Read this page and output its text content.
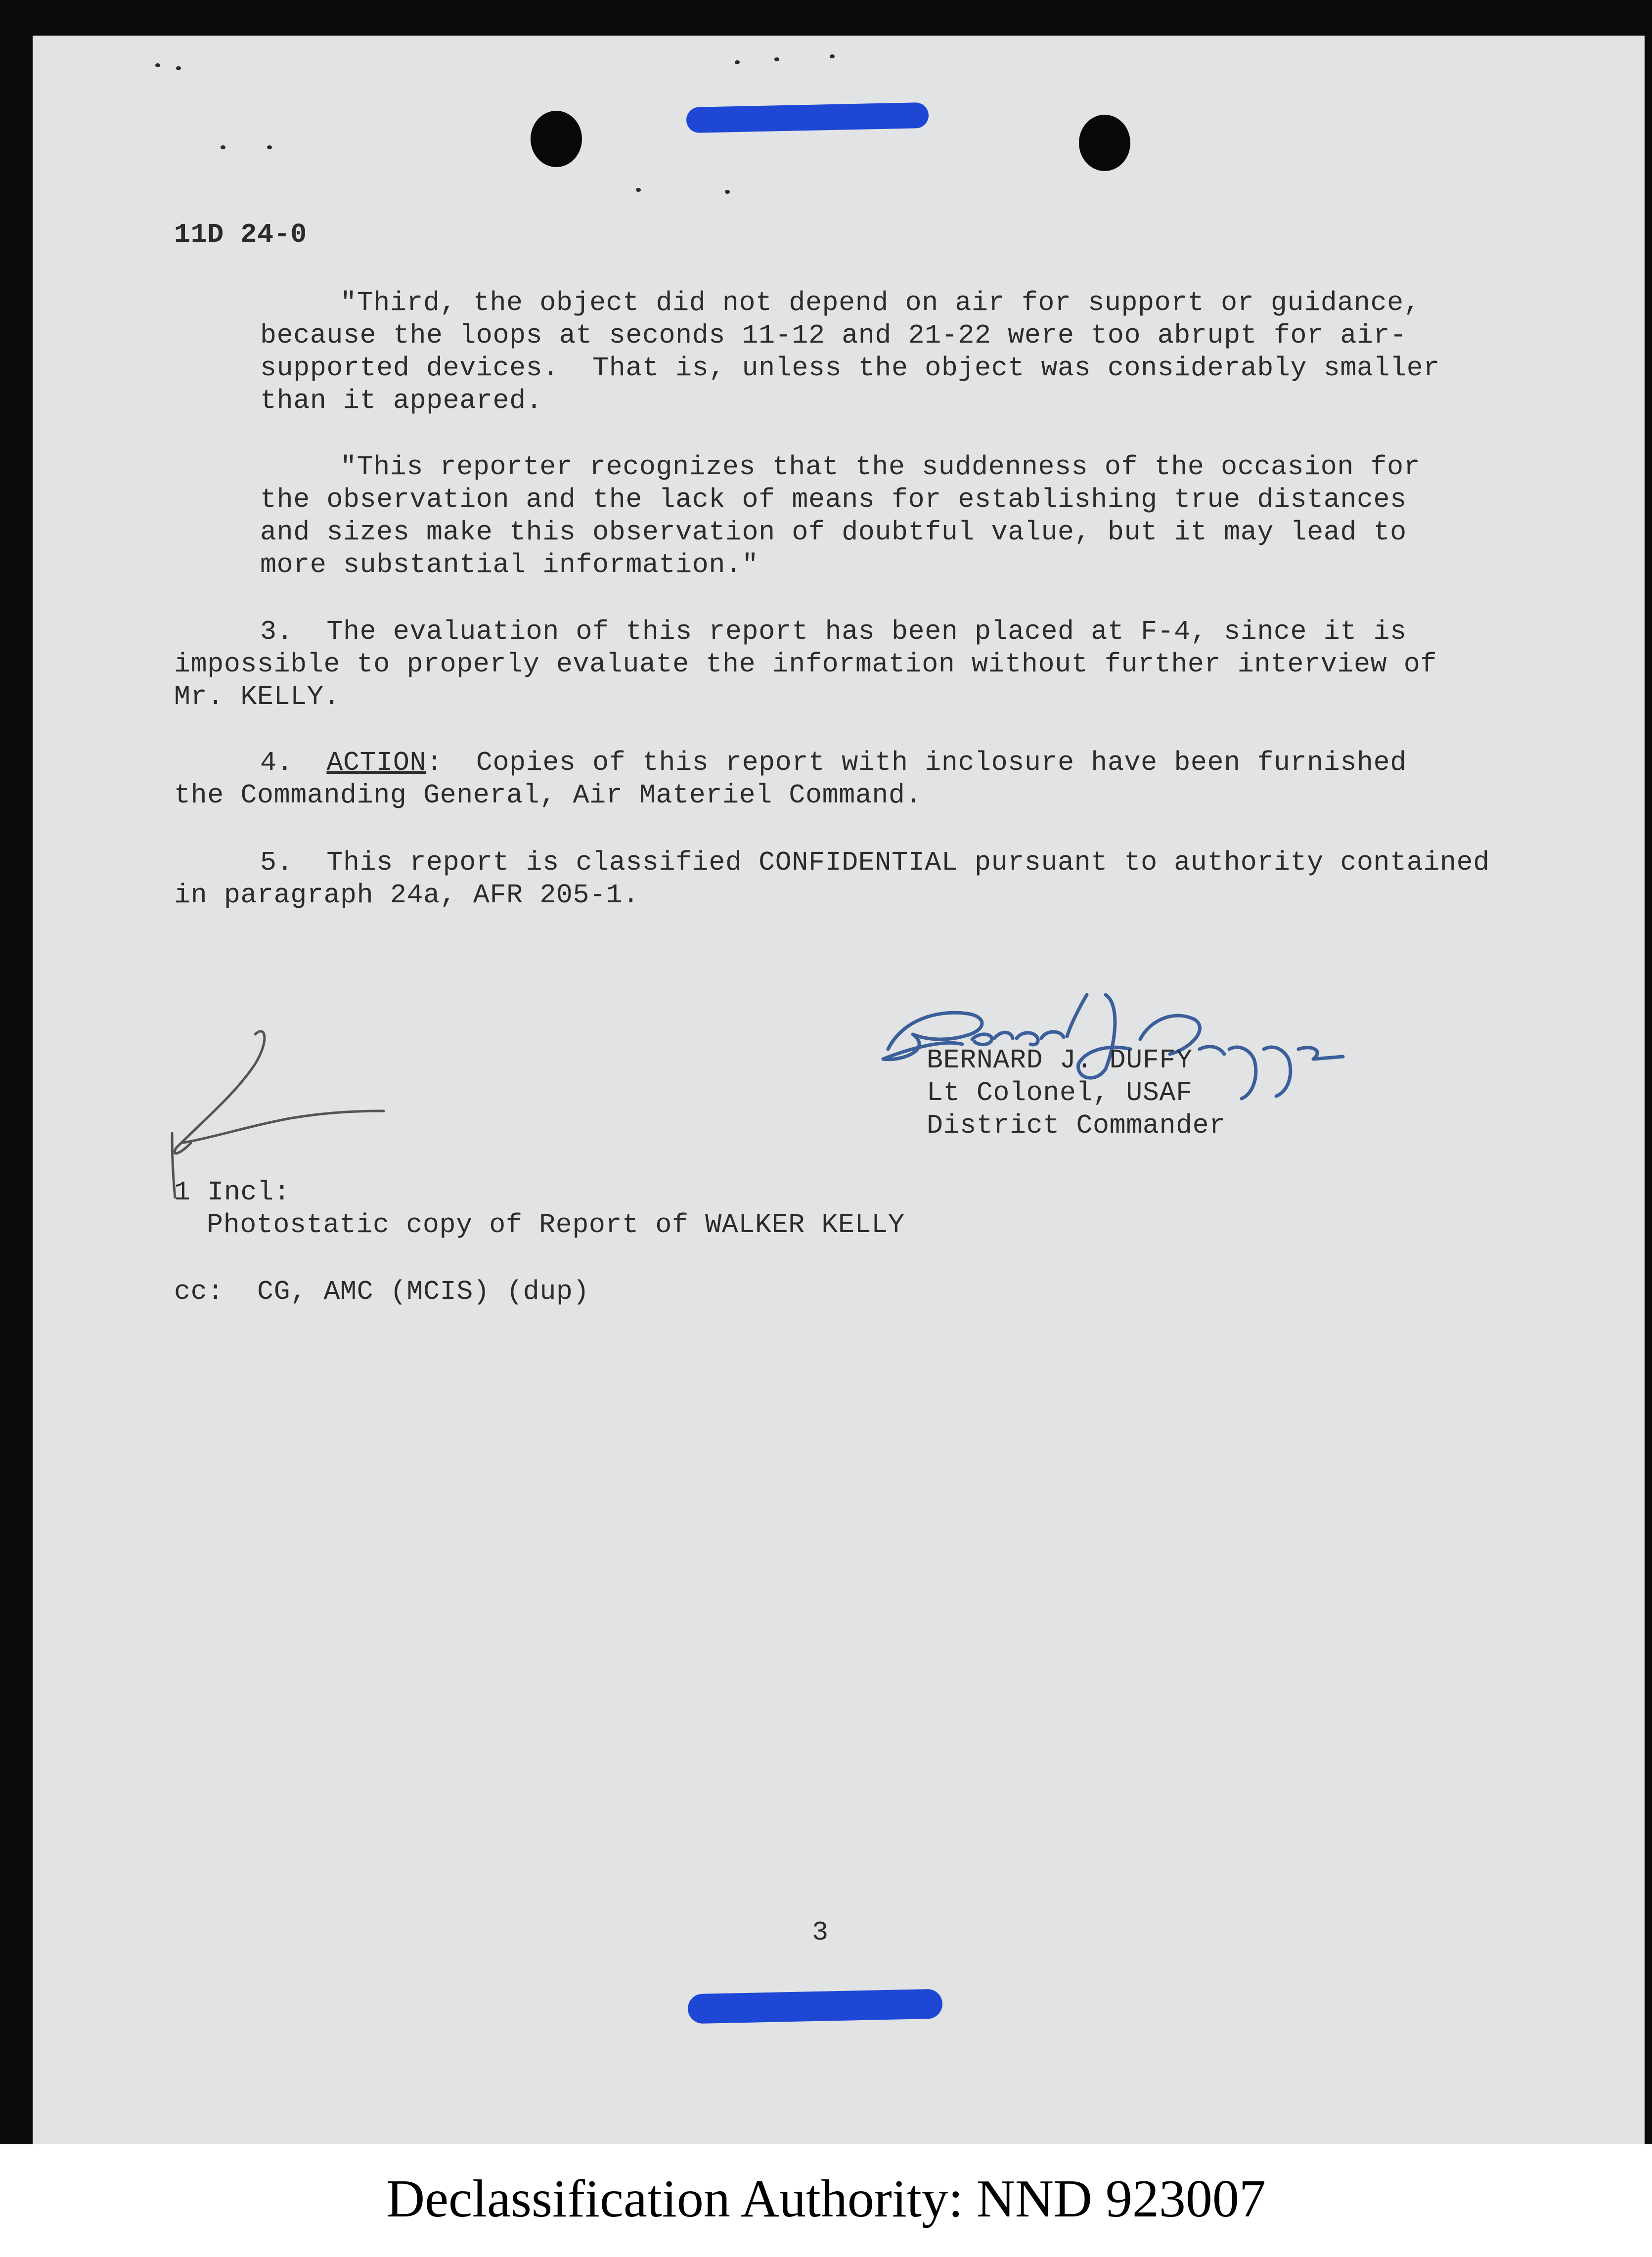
11D 24-0

"Third, the object did not depend on air for support or guidance,

because the loops at seconds 11-12 and 21-22 were too abrupt for air-

supported devices.  That is, unless the object was considerably smaller

than it appeared.

"This reporter recognizes that the suddenness of the occasion for

the observation and the lack of means for establishing true distances

and sizes make this observation of doubtful value, but it may lead to

more substantial information."

3.  The evaluation of this report has been placed at F-4, since it is

impossible to properly evaluate the information without further interview of

Mr. KELLY.

4. ACTION:  Copies of this report with inclosure have been furnished

the Commanding General, Air Materiel Command.

5.  This report is classified CONFIDENTIAL pursuant to authority contained

in paragraph 24a, AFR 205-1.

BERNARD J. DUFFY

Lt Colonel, USAF

District Commander

1 Incl:

Photostatic copy of Report of WALKER KELLY

cc:  CG, AMC (MCIS) (dup)

3

Declassification Authority: NND 923007
